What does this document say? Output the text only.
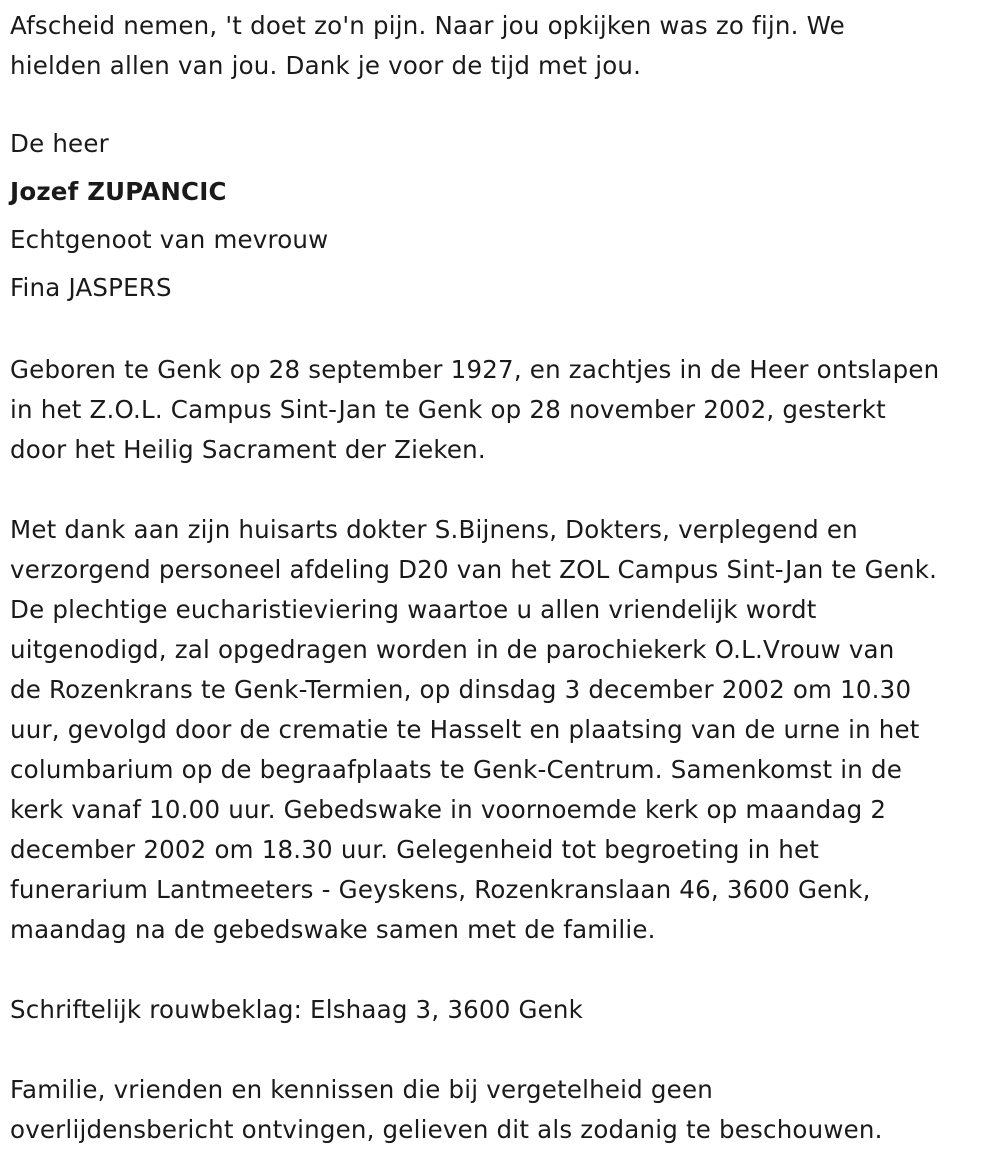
Afscheid nemen, 't doet zo'n pijn. Naar jou opkijken was zo fijn. We
hielden allen van jou. Dank je voor de tijd met jou.
De heer
Jozef ZUPANCIC
Echtgenoot van mevrouw
Fina JASPERS
Geboren te Genk op 28 september 1927, en zachtjes in de Heer ontslapen
in het Z.O.L. Campus Sint-Jan te Genk op 28 november 2002, gesterkt
door het Heilig Sacrament der Zieken.
Met dank aan zijn huisarts dokter S.Bijnens, Dokters, verplegend en
verzorgend personeel afdeling D20 van het ZOL Campus Sint-Jan te Genk.
De plechtige eucharistieviering waartoe u allen vriendelijk wordt
uitgenodigd, zal opgedragen worden in de parochiekerk O.L.Vrouw van
de Rozenkrans te Genk-Termien, op dinsdag 3 december 2002 om 10.30
uur, gevolgd door de crematie te Hasselt en plaatsing van de urne in het
columbarium op de begraafplaats te Genk-Centrum. Samenkomst in de
kerk vanaf 10.00 uur. Gebedswake in voornoemde kerk op maandag 2
december 2002 om 18.30 uur. Gelegenheid tot begroeting in het
funerarium Lantmeeters - Geyskens, Rozenkranslaan 46, 3600 Genk,
maandag na de gebedswake samen met de familie.
Schriftelijk rouwbeklag: Elshaag 3, 3600 Genk
Familie, vrienden en kennissen die bij vergetelheid geen
overlijdensbericht ontvingen, gelieven dit als zodanig te beschouwen.
